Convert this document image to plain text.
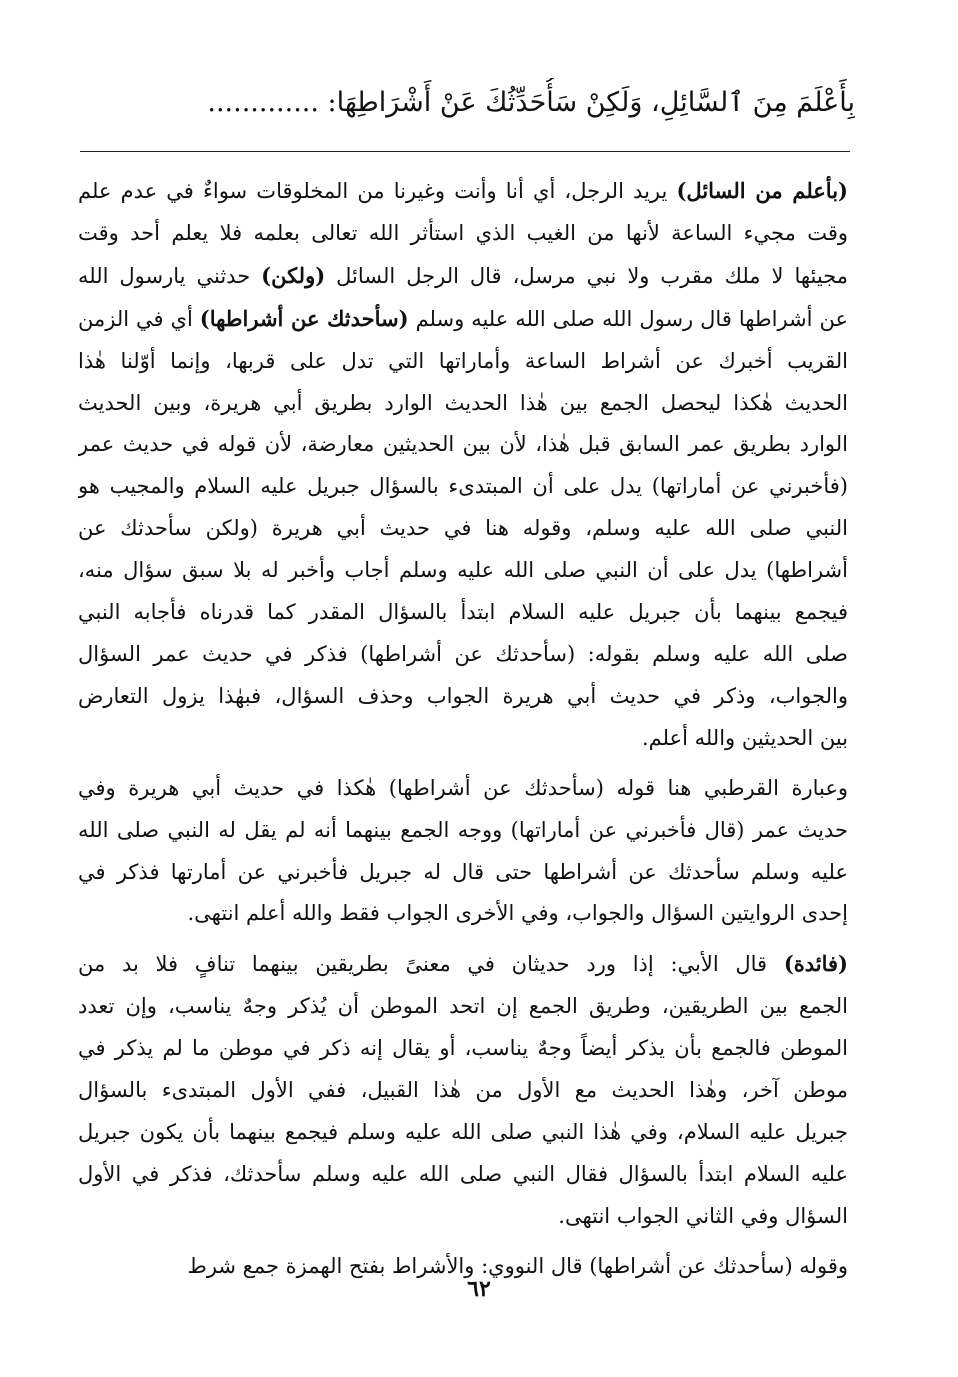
بِأَعْلَمَ مِنَ ٱلسَّائِلِ، وَلَكِنْ سَأُحَدِّثُكَ عَنْ أَشْرَاطِهَا: .............
(بأعلم من السائل) يريد الرجل، أي أنا وأنت وغيرنا من المخلوقات سواءٌ في عدم علم
وقت مجيء الساعة لأنها من الغيب الذي استأثر الله تعالى بعلمه فلا يعلم أحد وقت
مجيئها لا ملك مقرب ولا نبي مرسل، قال الرجل السائل (ولكن) حدثني يارسول الله
عن أشراطها قال رسول الله صلى الله عليه وسلم (سأحدثك عن أشراطها) أي في الزمن
القريب أخبرك عن أشراط الساعة وأماراتها التي تدل على قربها، وإنما أوّلنا هٰذا
الحديث هٰكذا ليحصل الجمع بين هٰذا الحديث الوارد بطريق أبي هريرة، وبين الحديث
الوارد بطريق عمر السابق قبل هٰذا، لأن بين الحديثين معارضة، لأن قوله في حديث عمر
(فأخبرني عن أماراتها) يدل على أن المبتدىء بالسؤال جبريل عليه السلام والمجيب هو
النبي صلى الله عليه وسلم، وقوله هنا في حديث أبي هريرة (ولكن سأحدثك عن
أشراطها) يدل على أن النبي صلى الله عليه وسلم أجاب وأخبر له بلا سبق سؤال منه،
فيجمع بينهما بأن جبريل عليه السلام ابتدأ بالسؤال المقدر كما قدرناه فأجابه النبي
صلى الله عليه وسلم بقوله: (سأحدثك عن أشراطها) فذكر في حديث عمر السؤال
والجواب، وذكر في حديث أبي هريرة الجواب وحذف السؤال، فبهٰذا يزول التعارض
بين الحديثين والله أعلم.
وعبارة القرطبي هنا قوله (سأحدثك عن أشراطها) هٰكذا في حديث أبي هريرة وفي
حديث عمر (قال فأخبرني عن أماراتها) ووجه الجمع بينهما أنه لم يقل له النبي صلى الله
عليه وسلم سأحدثك عن أشراطها حتى قال له جبريل فأخبرني عن أمارتها فذكر في
إحدى الروايتين السؤال والجواب، وفي الأخرى الجواب فقط والله أعلم انتهى.
(فائدة) قال الأبي: إذا ورد حديثان في معنىً بطريقين بينهما تنافٍ فلا بد من
الجمع بين الطريقين، وطريق الجمع إن اتحد الموطن أن يُذكر وجهٌ يناسب، وإن تعدد
الموطن فالجمع بأن يذكر أيضاً وجهٌ يناسب، أو يقال إنه ذكر في موطن ما لم يذكر في
موطن آخر، وهٰذا الحديث مع الأول من هٰذا القبيل، ففي الأول المبتدىء بالسؤال
جبريل عليه السلام، وفي هٰذا النبي صلى الله عليه وسلم فيجمع بينهما بأن يكون جبريل
عليه السلام ابتدأ بالسؤال فقال النبي صلى الله عليه وسلم سأحدثك، فذكر في الأول
السؤال وفي الثاني الجواب انتهى.
وقوله (سأحدثك عن أشراطها) قال النووي: والأشراط بفتح الهمزة جمع شرط
٦٢
